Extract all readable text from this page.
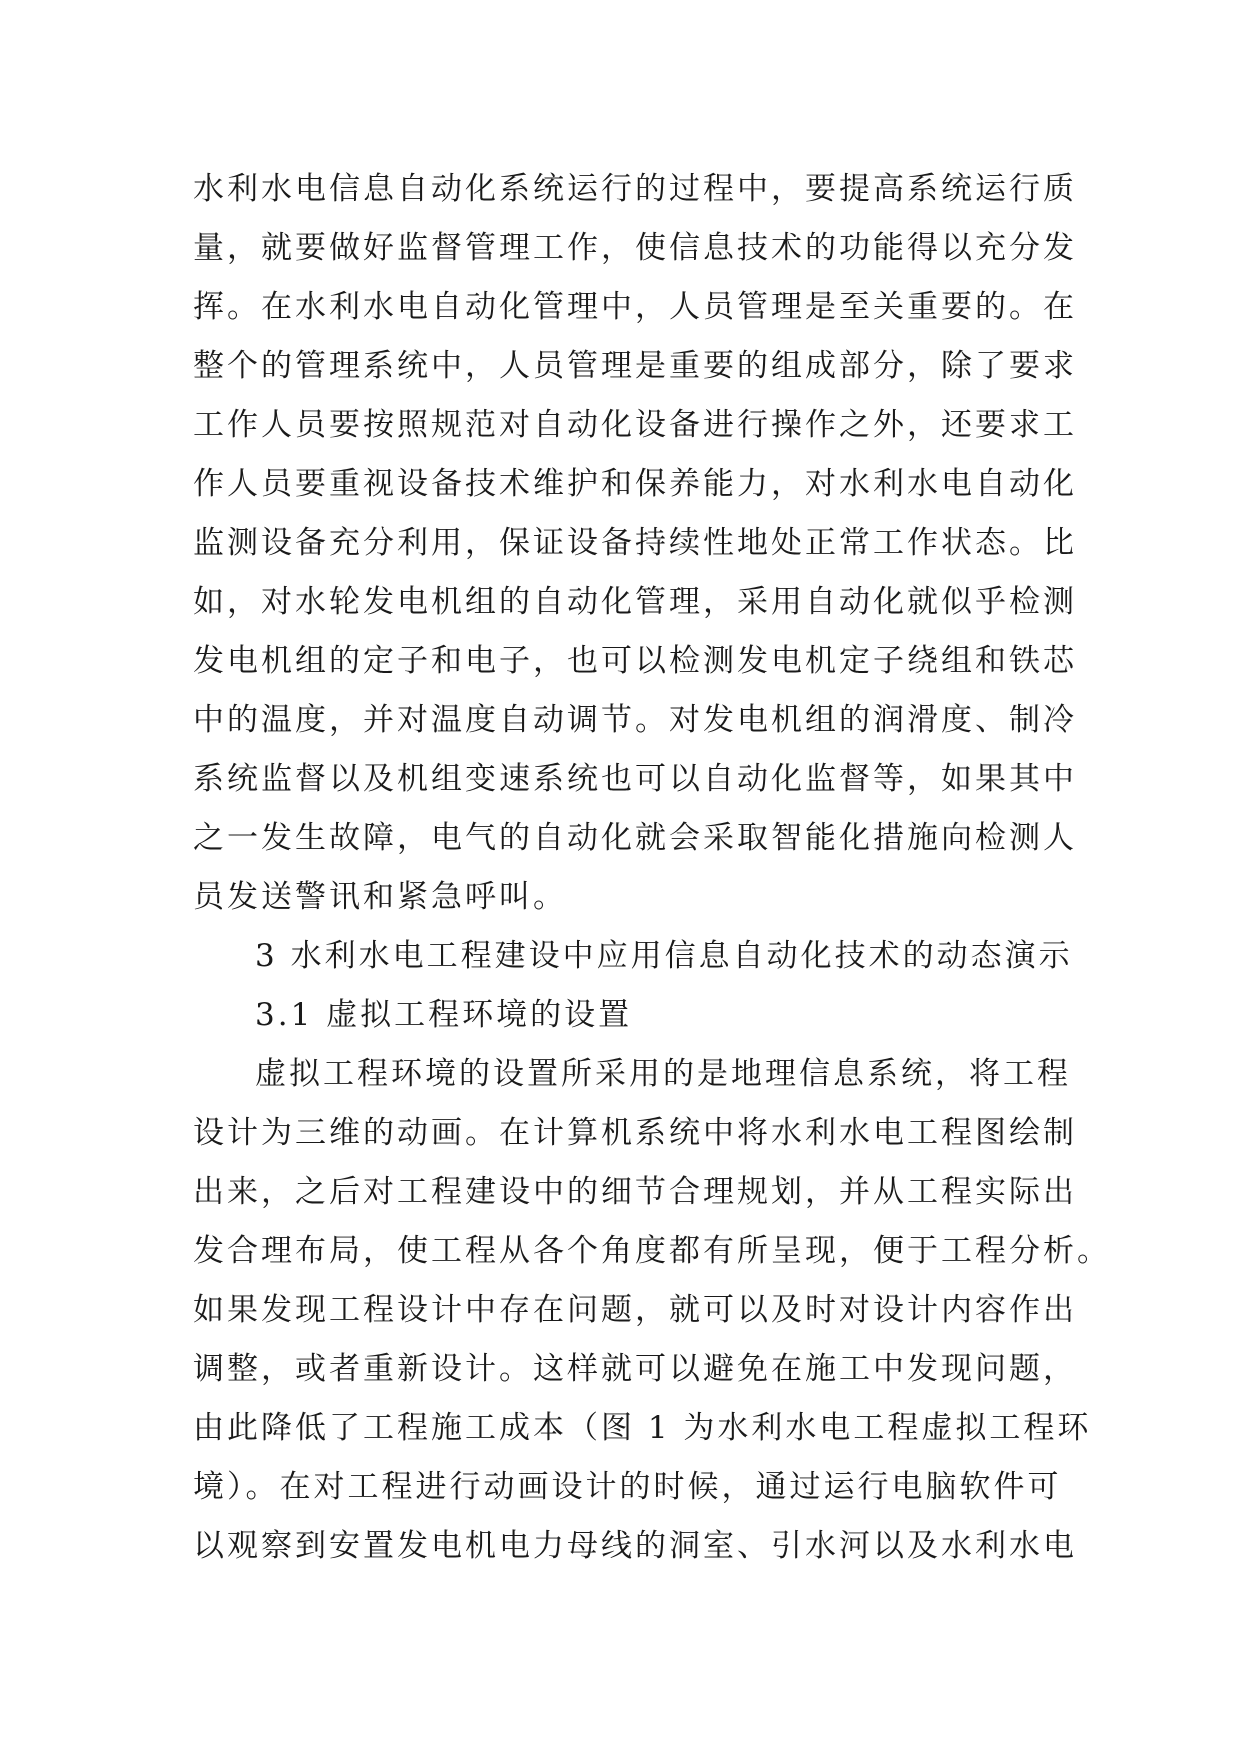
水利水电信息自动化系统运行的过程中，要提高系统运行质
量，就要做好监督管理工作，使信息技术的功能得以充分发
挥。在水利水电自动化管理中，人员管理是至关重要的。在
整个的管理系统中，人员管理是重要的组成部分，除了要求
工作人员要按照规范对自动化设备进行操作之外，还要求工
作人员要重视设备技术维护和保养能力，对水利水电自动化
监测设备充分利用，保证设备持续性地处正常工作状态。比
如，对水轮发电机组的自动化管理，采用自动化就似乎检测
发电机组的定子和电子，也可以检测发电机定子绕组和铁芯
中的温度，并对温度自动调节。对发电机组的润滑度、制冷
系统监督以及机组变速系统也可以自动化监督等，如果其中
之一发生故障，电气的自动化就会采取智能化措施向检测人
员发送警讯和紧急呼叫。
3 水利水电工程建设中应用信息自动化技术的动态演示
3.1 虚拟工程环境的设置
虚拟工程环境的设置所采用的是地理信息系统，将工程
设计为三维的动画。在计算机系统中将水利水电工程图绘制
出来，之后对工程建设中的细节合理规划，并从工程实际出
发合理布局，使工程从各个角度都有所呈现，便于工程分析。
如果发现工程设计中存在问题，就可以及时对设计内容作出
调整，或者重新设计。这样就可以避免在施工中发现问题，
由此降低了工程施工成本（图 1 为水利水电工程虚拟工程环
境）。在对工程进行动画设计的时候，通过运行电脑软件可
以观察到安置发电机电力母线的洞室、引水河以及水利水电
